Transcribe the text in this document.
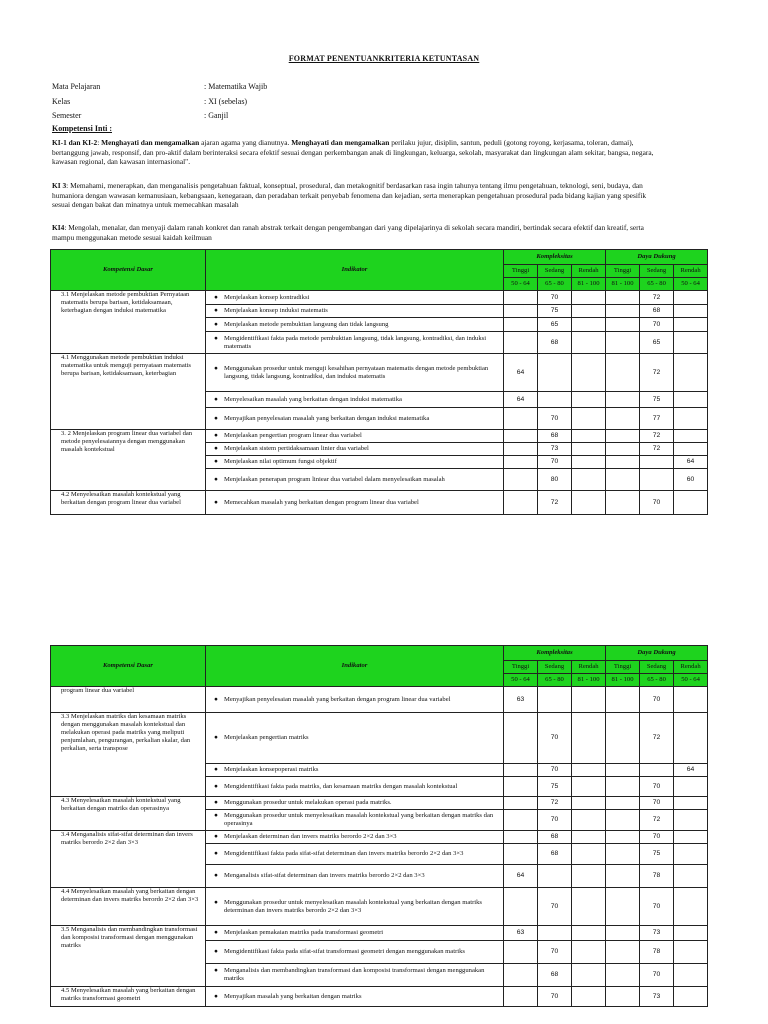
FORMAT PENENTUANKRITERIA KETUNTASAN
Mata Pelajaran	: Matematika Wajib
Kelas	: XI (sebelas)
Semester	: Ganjil
Kompetensi Inti :
KI-1 dan KI-2: Menghayati dan mengamalkan ajaran agama yang dianutnya. Menghayati dan mengamalkan perilaku jujur, disiplin, santun, peduli (gotong royong, kerjasama, toleran, damai),
bertanggung jawab, responsif, dan pro-aktif dalam berinteraksi secara efektif sesuai dengan perkembangan anak di lingkungan, keluarga, sekolah, masyarakat dan lingkungan alam sekitar, bangsa, negara,
kawasan regional, dan kawasan internasional".
KI 3: Memahami, menerapkan, dan menganalisis pengetahuan faktual, konseptual, prosedural, dan metakognitif berdasarkan rasa ingin tahunya tentang ilmu pengetahuan, teknologi, seni, budaya, dan
humaniora dengan wawasan kemanusiaan, kebangsaan, kenegaraan, dan peradaban terkait penyebab fenomena dan kejadian, serta menerapkan pengetahuan prosedural pada bidang kajian yang spesifik
sesuai dengan bakat dan minatnya untuk memecahkan masalah
KI4: Mengolah, menalar, dan menyaji dalam ranah konkret dan ranah abstrak terkait dengan pengembangan dari yang dipelajarinya di sekolah secara mandiri, bertindak secara efektif dan kreatif, serta
mampu menggunakan metode sesuai kaidah keilmuan
Kompetensi Dasar	Indikator	Kompleksitas			Daya Dukung		
		Tinggi	Sedang	Rendah	Tinggi	Sedang	Rendah
		50 - 64	65 - 80	81 - 100	81 - 100	65 - 80	50 - 64
3.1 Menjelaskan metode pembuktian Pernyataan matematis berupa barisan, ketidaksamaan, keterbagian dengan induksi matematika	● Menjelaskan konsep kontradiksi		70			72	
	● Menjelaskan konsep induksi matematis		75			68	
	● Menjelaskan metode pembuktian langsung dan tidak langsung		65			70	
	● Mengidentifikasi fakta pada metode pembuktian langsung, tidak langsung, kontradiksi, dan induksi matematis		68			65	
4.1 Menggunakan metode pembuktian induksi matematika untuk menguji pernyataan matematis berupa barisan, ketidaksamaan, keterbagian	● Menggunakan prosedur untuk menguji kesahihan pernyataan matematis dengan metode pembuktian langsung, tidak langsung, kontradiksi, dan induksi matematis	64				72	
	● Menyelesaikan masalah yang berkaitan dengan induksi matematika	64				75	
	● Menyajikan penyelesaian masalah yang berkaitan dengan induksi matematika		70			77	
3. 2 Menjelaskan program linear dua variabel dan metode penyelesaiannya dengan menggunakan masalah kontekstual	● Menjelaskan pengertian program linear dua variabel		68			72	
	● Menjelaskan sistem pertidaksamaan linier dua variabel		73			72	
	● Menjelaskan nilai optimum fungsi objektif		70				64
	● Menjelaskan penerapan program liniear dua variabel dalam menyelesaikan masalah		80				60
4.2 Menyelesaikan masalah kontekstual yang berkaitan dengan program linear dua variabel	● Memecahkan masalah yang berkaitan dengan program linear dua variabel		72			70	
Kompetensi Dasar	Indikator	Kompleksitas			Daya Dukung		
		Tinggi	Sedang	Rendah	Tinggi	Sedang	Rendah
		50 - 64	65 - 80	81 - 100	81 - 100	65 - 80	50 - 64
program linear dua variabel	● Menyajikan penyelesaian masalah yang berkaitan dengan program linear dua variabel	63				70	
3.3 Menjelaskan matriks dan kesamaan matriks dengan menggunakan masalah kontekstual dan melakukan operasi pada matriks yang meliputi penjumlahan, pengurangan, perkalian skalar, dan perkalian, serta transpose	● Menjelaskan pengertian matriks		70			72	
	● Menjelaskan konsepoperasi matriks		70				64
	● Mengidentifikasi fakta pada matriks, dan kesamaan matriks dengan masalah kontekstual		75			70	
4.3 Menyelesaikan masalah kontekstual yang berkaitan dengan matriks dan operasinya	● Menggunakan prosedur untuk melakukan operasi pada matriks.		72			70	
	● Menggunakan prosedur untuk menyelesaikan masalah kontekstual yang berkaitan dengan matriks dan operasinya		70			72	
3.4 Menganalisis sifat-sifat determinan dan invers matriks berordo 2×2 dan 3×3	● Menjelaskan determinan dan invers matriks berordo 2×2 dan 3×3		68			70	
	● Mengidentifikasi fakta pada sifat-sifat determinan dan invers matriks berordo 2×2 dan 3×3		68			75	
	● Menganalisis sifat-sifat determinan dan invers matriks berordo 2×2 dan 3×3	64				78	
4.4 Menyelesaikan masalah yang berkaitan dengan determinan dan invers matriks berordo 2×2 dan 3×3	● Menggunakan prosedur untuk menyelesaikan masalah kontekstual yang berkaitan dengan matriks determinan dan invers matriks berordo 2×2 dan 3×3		70			70	
3.5 Menganalisis dan membandingkan transformasi dan komposisi transformasi dengan menggunakan matriks	● Menjelaskan pemakaian matriks pada transformasi geometri	63				73	
	● Mengidentifikasi fakta pada sifat-sifat transformasi geometri dengan menggunakan matriks		70			78	
	● Menganalisis dan membandingkan transformasi dan komposisi transformasi dengan menggunakan matriks		68			70	
4.5 Menyelesaikan masalah yang berkaitan dengan matriks transformasi geometri	● Menyajikan masalah yang berkaitan dengan matriks		70			73	
